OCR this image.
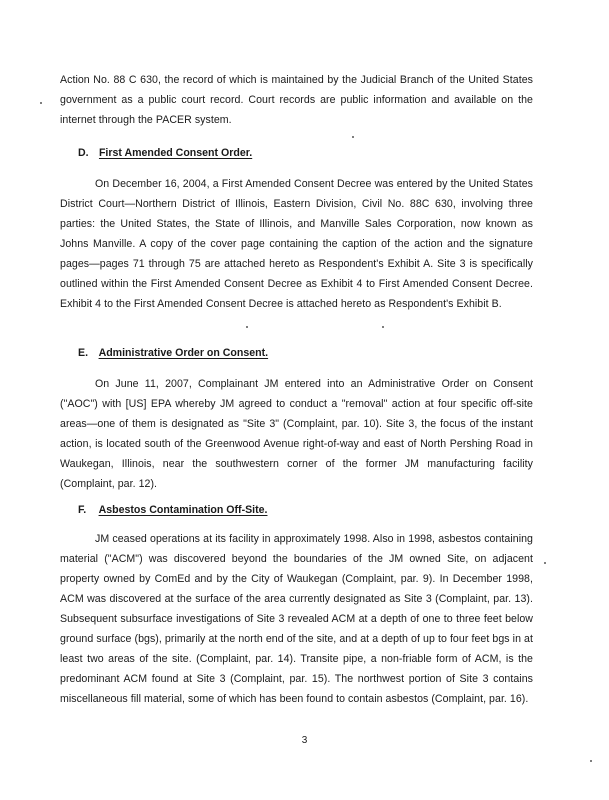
Action No. 88 C 630, the record of which is maintained by the Judicial Branch of the United States government as a public court record. Court records are public information and available on the internet through the PACER system.

D. First Amended Consent Order.

On December 16, 2004, a First Amended Consent Decree was entered by the United States District Court—Northern District of Illinois, Eastern Division, Civil No. 88C 630, involving three parties: the United States, the State of Illinois, and Manville Sales Corporation, now known as Johns Manville. A copy of the cover page containing the caption of the action and the signature pages—pages 71 through 75 are attached hereto as Respondent's Exhibit A. Site 3 is specifically outlined within the First Amended Consent Decree as Exhibit 4 to First Amended Consent Decree. Exhibit 4 to the First Amended Consent Decree is attached hereto as Respondent's Exhibit B.

E. Administrative Order on Consent.

On June 11, 2007, Complainant JM entered into an Administrative Order on Consent ("AOC") with [US] EPA whereby JM agreed to conduct a "removal" action at four specific off-site areas—one of them is designated as "Site 3" (Complaint, par. 10). Site 3, the focus of the instant action, is located south of the Greenwood Avenue right-of-way and east of North Pershing Road in Waukegan, Illinois, near the southwestern corner of the former JM manufacturing facility (Complaint, par. 12).

F. Asbestos Contamination Off-Site.

JM ceased operations at its facility in approximately 1998. Also in 1998, asbestos containing material ("ACM") was discovered beyond the boundaries of the JM owned Site, on adjacent property owned by ComEd and by the City of Waukegan (Complaint, par. 9). In December 1998, ACM was discovered at the surface of the area currently designated as Site 3 (Complaint, par. 13). Subsequent subsurface investigations of Site 3 revealed ACM at a depth of one to three feet below ground surface (bgs), primarily at the north end of the site, and at a depth of up to four feet bgs in at least two areas of the site. (Complaint, par. 14). Transite pipe, a non-friable form of ACM, is the predominant ACM found at Site 3 (Complaint, par. 15). The northwest portion of Site 3 contains miscellaneous fill material, some of which has been found to contain asbestos (Complaint, par. 16).

3
